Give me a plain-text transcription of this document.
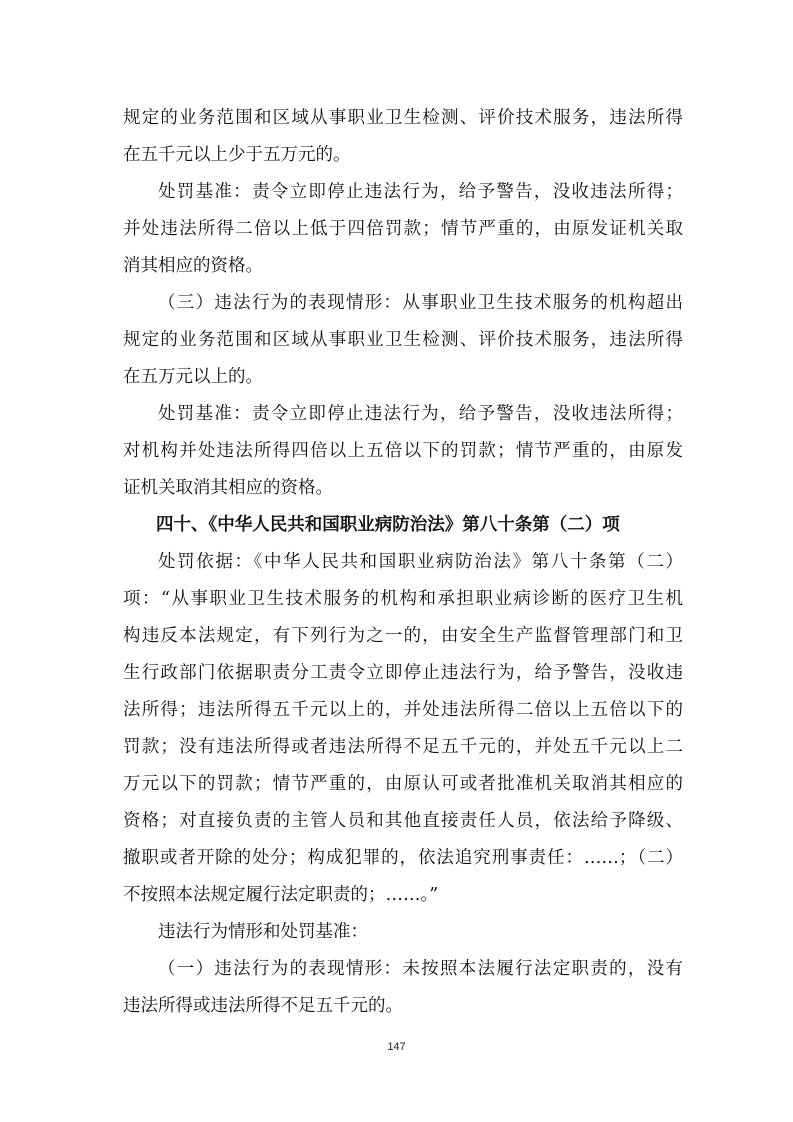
规定的业务范围和区域从事职业卫生检测、评价技术服务，违法所得
在五千元以上少于五万元的。
处罚基准：责令立即停止违法行为，给予警告，没收违法所得；
并处违法所得二倍以上低于四倍罚款；情节严重的，由原发证机关取
消其相应的资格。
（三）违法行为的表现情形：从事职业卫生技术服务的机构超出
规定的业务范围和区域从事职业卫生检测、评价技术服务，违法所得
在五万元以上的。
处罚基准：责令立即停止违法行为，给予警告，没收违法所得；
对机构并处违法所得四倍以上五倍以下的罚款；情节严重的，由原发
证机关取消其相应的资格。
四十、《中华人民共和国职业病防治法》第八十条第（二）项
处罚依据：《中华人民共和国职业病防治法》第八十条第（二）
项：“从事职业卫生技术服务的机构和承担职业病诊断的医疗卫生机
构违反本法规定，有下列行为之一的，由安全生产监督管理部门和卫
生行政部门依据职责分工责令立即停止违法行为，给予警告，没收违
法所得；违法所得五千元以上的，并处违法所得二倍以上五倍以下的
罚款；没有违法所得或者违法所得不足五千元的，并处五千元以上二
万元以下的罚款；情节严重的，由原认可或者批准机关取消其相应的
资格；对直接负责的主管人员和其他直接责任人员，依法给予降级、
撤职或者开除的处分；构成犯罪的，依法追究刑事责任：……；（二）
不按照本法规定履行法定职责的；……。”
违法行为情形和处罚基准：
（一）违法行为的表现情形：未按照本法履行法定职责的，没有
违法所得或违法所得不足五千元的。
147
